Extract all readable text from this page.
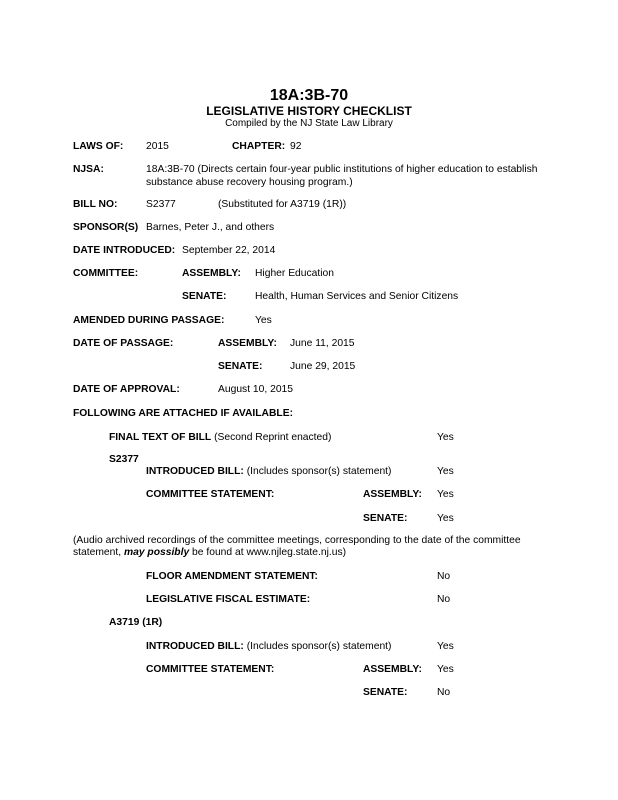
18A:3B-70
LEGISLATIVE HISTORY CHECKLIST
Compiled by the NJ State Law Library
LAWS OF: 2015	CHAPTER: 92
NJSA:	18A:3B-70 (Directs certain four-year public institutions of higher education to establish
substance abuse recovery housing program.)
BILL NO:	S2377	(Substituted for A3719 (1R))
SPONSOR(S) Barnes, Peter J., and others
DATE INTRODUCED: September 22, 2014
COMMITTEE:	ASSEMBLY: Higher Education
SENATE:	Health, Human Services and Senior Citizens
AMENDED DURING PASSAGE:	Yes
DATE OF PASSAGE:	ASSEMBLY: June 11, 2015
SENATE:	June 29, 2015
DATE OF APPROVAL:	August 10, 2015
FOLLOWING ARE ATTACHED IF AVAILABLE:
FINAL TEXT OF BILL (Second Reprint enacted)	Yes
S2377
INTRODUCED BILL: (Includes sponsor(s) statement)	Yes
COMMITTEE STATEMENT:	ASSEMBLY: Yes
SENATE:	Yes
(Audio archived recordings of the committee meetings, corresponding to the date of the committee
statement, may possibly be found at www.njleg.state.nj.us)
FLOOR AMENDMENT STATEMENT:	No
LEGISLATIVE FISCAL ESTIMATE:	No
A3719 (1R)
INTRODUCED BILL: (Includes sponsor(s) statement)	Yes
COMMITTEE STATEMENT:	ASSEMBLY: Yes
SENATE:	No
